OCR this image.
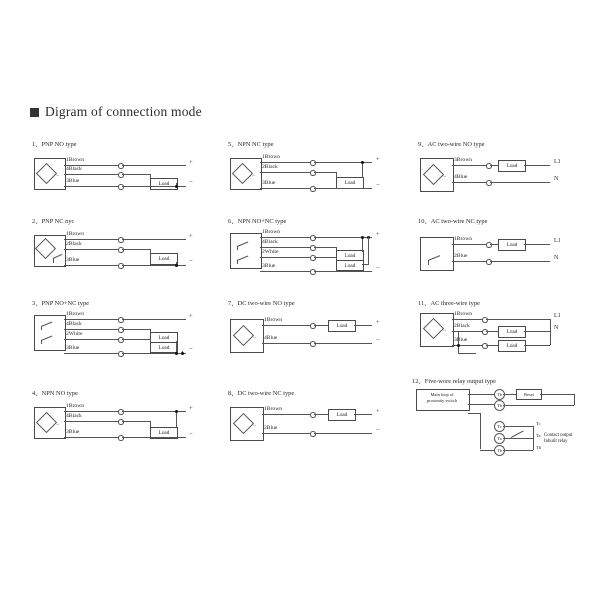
Digram of connection mode
1、PNP NO type
−
1Brown	+
4Black
Load
3Blue	−
2、PNP NC nyc
1Brown	+
2Black
Load
3Blue	−
3、PNP NO+NC type
1Brown	+
4Black
Load
2White
Load
3Blue	−
4、NPN NO type
−
1Brown	+
4Black
Load
3Blue	−
5、NPN NC type
−
1Brown	+
2Black
Load
3Blue	−
6、NPN NO+NC type
1Brown	+
4Black
Load
2White
Load
3Blue	−
7、DC two-wire NO type
−
1Brown
Load	+
4Blue	−
8、DC two-wire NC type
−
1Brown
Load	+
2Blue	−
9、AC two-wire NO type
−
3Brown
Load
L1
4Blue	N
10、AC two-wire NC type
1Brown
Load
L1
2Blue	N
11、AC three-wire type
−
1Brown	L1
2Black
Load
N
3Blue
Load
12、Five-wore relay output type
Main loop of
proximity switch
Tb
Tb
Tc
Ta
Tb
Reset
Tc
Ta
Tb
Contact output
Inbuilt relay
